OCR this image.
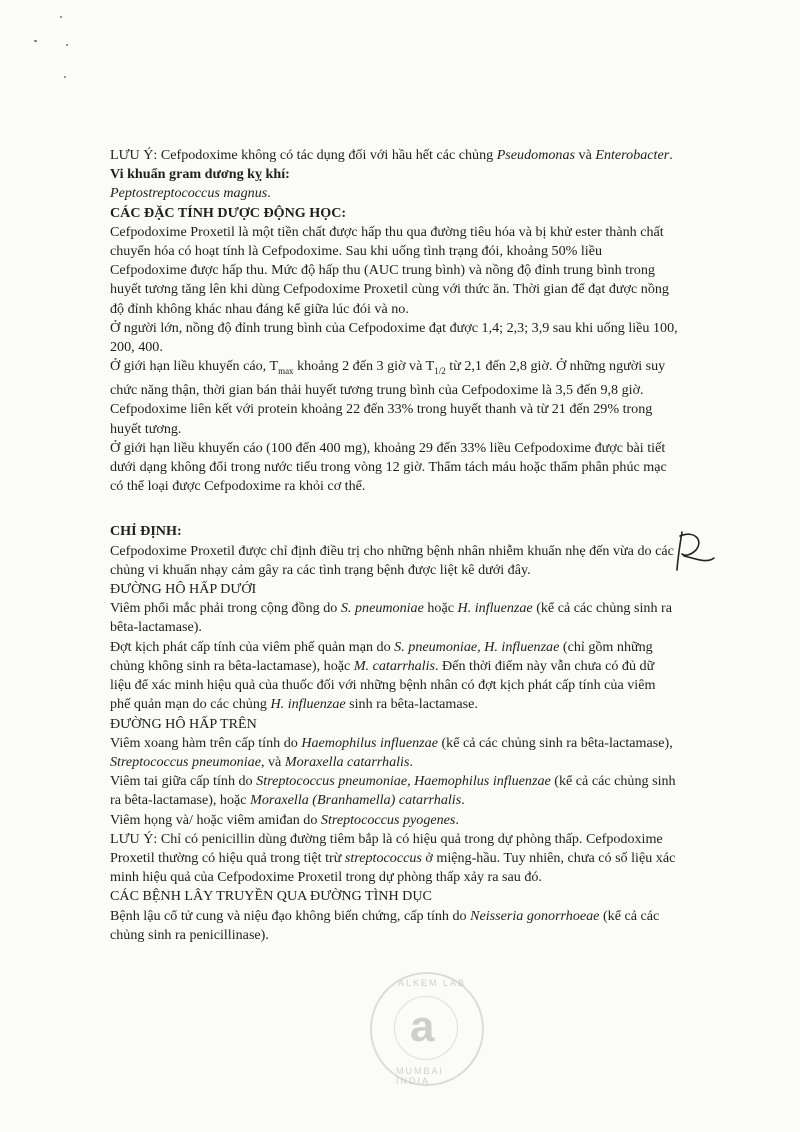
LƯU Ý: Cefpodoxime không có tác dụng đối với hầu hết các chủng Pseudomonas và Enterobacter.
Vi khuẩn gram dương kỵ khí:
Peptostreptococcus magnus.
CÁC ĐẶC TÍNH DƯỢC ĐỘNG HỌC:
Cefpodoxime Proxetil là một tiền chất được hấp thu qua đường tiêu hóa và bị khử ester thành chất
chuyển hóa có hoạt tính là Cefpodoxime. Sau khi uống tình trạng đói, khoảng 50% liều
Cefpodoxime được hấp thu. Mức độ hấp thu (AUC trung bình) và nồng độ đỉnh trung bình trong
huyết tương tăng lên khi dùng Cefpodoxime Proxetil cùng với thức ăn. Thời gian để đạt được nồng
độ đỉnh không khác nhau đáng kể giữa lúc đói và no.
Ở người lớn, nồng độ đỉnh trung bình của Cefpodoxime đạt được 1,4; 2,3; 3,9 sau khi uống liều 100,
200, 400.
Ở giới hạn liều khuyến cáo, $T_{max}$ khoảng 2 đến 3 giờ và $T_{1/2}$ từ 2,1 đến 2,8 giờ. Ở những người suy
chức năng thận, thời gian bán thải huyết tương trung bình của Cefpodoxime là 3,5 đến 9,8 giờ.
Cefpodoxime liên kết với protein khoảng 22 đến 33% trong huyết thanh và từ 21 đến 29% trong
huyết tương.
Ở giới hạn liều khuyến cáo (100 đến 400 mg), khoảng 29 đến 33% liều Cefpodoxime được bài tiết
dưới dạng không đổi trong nước tiểu trong vòng 12 giờ. Thẩm tách máu hoặc thẩm phân phúc mạc
có thể loại được Cefpodoxime ra khỏi cơ thể.
CHỈ ĐỊNH:
Cefpodoxime Proxetil được chỉ định điều trị cho những bệnh nhân nhiễm khuẩn nhẹ đến vừa do các
chủng vi khuẩn nhạy cảm gây ra các tình trạng bệnh được liệt kê dưới đây.
ĐƯỜNG HÔ HẤP DƯỚI
Viêm phổi mắc phải trong cộng đồng do S. pneumoniae hoặc H. influenzae (kể cả các chủng sinh ra
bêta-lactamase).
Đợt kịch phát cấp tính của viêm phế quản mạn do S. pneumoniae, H. influenzae (chỉ gồm những
chủng không sinh ra bêta-lactamase), hoặc M. catarrhalis. Đến thời điểm này vẫn chưa có đủ dữ
liệu để xác minh hiệu quả của thuốc đối với những bệnh nhân có đợt kịch phát cấp tính của viêm
phế quản mạn do các chủng H. influenzae sinh ra bêta-lactamase.
ĐƯỜNG HÔ HẤP TRÊN
Viêm xoang hàm trên cấp tính do Haemophilus influenzae (kể cả các chủng sinh ra bêta-lactamase),
Streptococcus pneumoniae, và Moraxella catarrhalis.
Viêm tai giữa cấp tính do Streptococcus pneumoniae, Haemophilus influenzae (kể cả các chủng sinh
ra bêta-lactamase), hoặc Moraxella (Branhamella) catarrhalis.
Viêm họng và/ hoặc viêm amiđan do Streptococcus pyogenes.
LƯU Ý: Chỉ có penicillin dùng đường tiêm bắp là có hiệu quả trong dự phòng thấp. Cefpodoxime
Proxetil thường có hiệu quả trong tiệt trừ streptococcus ở miệng-hầu. Tuy nhiên, chưa có số liệu xác
minh hiệu quả của Cefpodoxime Proxetil trong dự phòng thấp xảy ra sau đó.
CÁC BỆNH LÂY TRUYỀN QUA ĐƯỜNG TÌNH DỤC
Bệnh lậu cổ tử cung và niệu đạo không biến chứng, cấp tính do Neisseria gonorrhoeae (kể cả các
chủng sinh ra penicillinase).
a
ALKEM LAB
MUMBAI INDIA
